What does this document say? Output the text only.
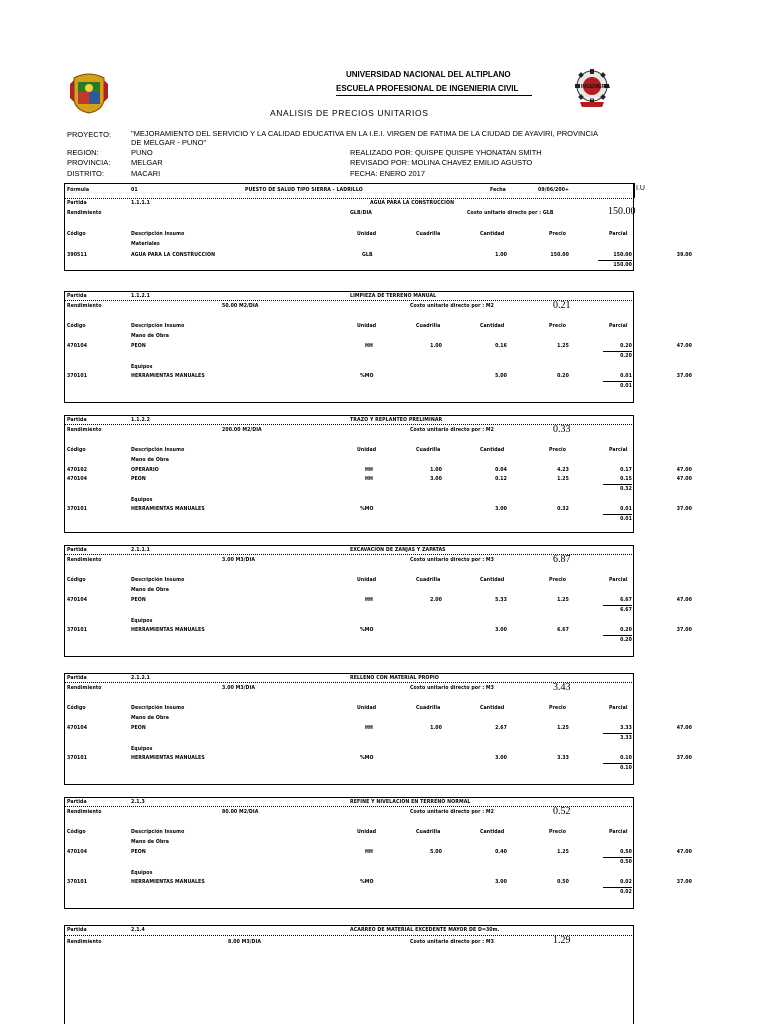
INGENIERIA
CIVIL
UNIVERSIDAD NACIONAL DEL ALTIPLANO
ESCUELA PROFESIONAL DE INGENIERIA CIVIL
ANALISIS DE PRECIOS UNITARIOS
PROYECTO:	"MEJORAMIENTO DEL SERVICIO Y LA CALIDAD EDUCATIVA EN LA I.E.I. VIRGEN DE FATIMA DE LA CIUDAD DE AYAVIRI, PROVINCIA
DE MELGAR - PUNO"
REGION:	PUNO
PROVINCIA:	MELGAR
DISTRITO:	MACARI
REALIZADO POR: QUISPE QUISPE YHONATAN SMITH
REVISADO POR: MOLINA CHAVEZ EMILIO AGUSTO
FECHA: ENERO 2017
Fórmula	01	PUESTO DE SALUD TIPO SIERRA - LADRILLO	Fecha	09/06/200+	I.U
Partida	1.1.1.1	AGUA PARA LA CONSTRUCCION
Rendimiento	GLB/DIA	Costo unitario directo por : GLB	150.00
Código	Descripción Insumo	Unidad	Cuadrilla	Cantidad	Precio	Parcial
Materiales
390511	AGUA PARA LA CONSTRUCCION	GLB	1.00	150.00	150.00	39.00
150.00
Partida	1.1.2.1	LIMPIEZA DE TERRENO MANUAL
Rendimiento	50.00 M2/DIA	Costo unitario directo por : M2	0.21
Código	Descripción Insumo	Unidad	Cuadrilla	Cantidad	Precio	Parcial
Mano de Obra
470104	PEON	HH	1.00	0.16	1.25	0.20	47.00
0.20
Equipos
370101	HERRAMIENTAS MANUALES	%MO	5.00	0.20	0.01	37.00
0.01
Partida	1.1.2.2	TRAZO Y REPLANTEO PRELIMINAR
Rendimiento	200.00 M2/DIA	Costo unitario directo por : M2	0.33
Código	Descripción Insumo	Unidad	Cuadrilla	Cantidad	Precio	Parcial
Mano de Obra
470102	OPERARIO	HH	1.00	0.04	4.23	0.17	47.00
470104	PEON	HH	3.00	0.12	1.25	0.15	47.00
0.32
Equipos
370101	HERRAMIENTAS MANUALES	%MO	3.00	0.32	0.01	37.00
0.01
Partida	2.1.1.1	EXCAVACION DE ZANJAS Y ZAPATAS
Rendimiento	3.00 M3/DIA	Costo unitario directo por : M3	6.87
Código	Descripción Insumo	Unidad	Cuadrilla	Cantidad	Precio	Parcial
Mano de Obra
470104	PEON	HH	2.00	5.33	1.25	6.67	47.00
6.67
Equipos
370101	HERRAMIENTAS MANUALES	%MO	3.00	6.67	0.20	37.00
0.20
Partida	2.1.2.1	RELLENO CON MATERIAL PROPIO
Rendimiento	3.00 M3/DIA	Costo unitario directo por : M3	3.43
Código	Descripción Insumo	Unidad	Cuadrilla	Cantidad	Precio	Parcial
Mano de Obra
470104	PEON	HH	1.00	2.67	1.25	3.33	47.00
3.33
Equipos
370101	HERRAMIENTAS MANUALES	%MO	3.00	3.33	0.10	37.00
0.10
Partida	2.1.3	REFINE Y NIVELACION EN TERRENO NORMAL
Rendimiento	80.00 M2/DIA	Costo unitario directo por : M2	0.52
Código	Descripción Insumo	Unidad	Cuadrilla	Cantidad	Precio	Parcial
Mano de Obra
470104	PEON	HH	5.00	0.40	1.25	0.50	47.00
0.50
Equipos
370101	HERRAMIENTAS MANUALES	%MO	3.00	0.50	0.02	37.00
0.02
Partida	2.1.4	ACARREO DE MATERIAL EXCEDENTE MAYOR DE D=30m.
Rendimiento	8.00 M3/DIA	Costo unitario directo por : M3	1.29
